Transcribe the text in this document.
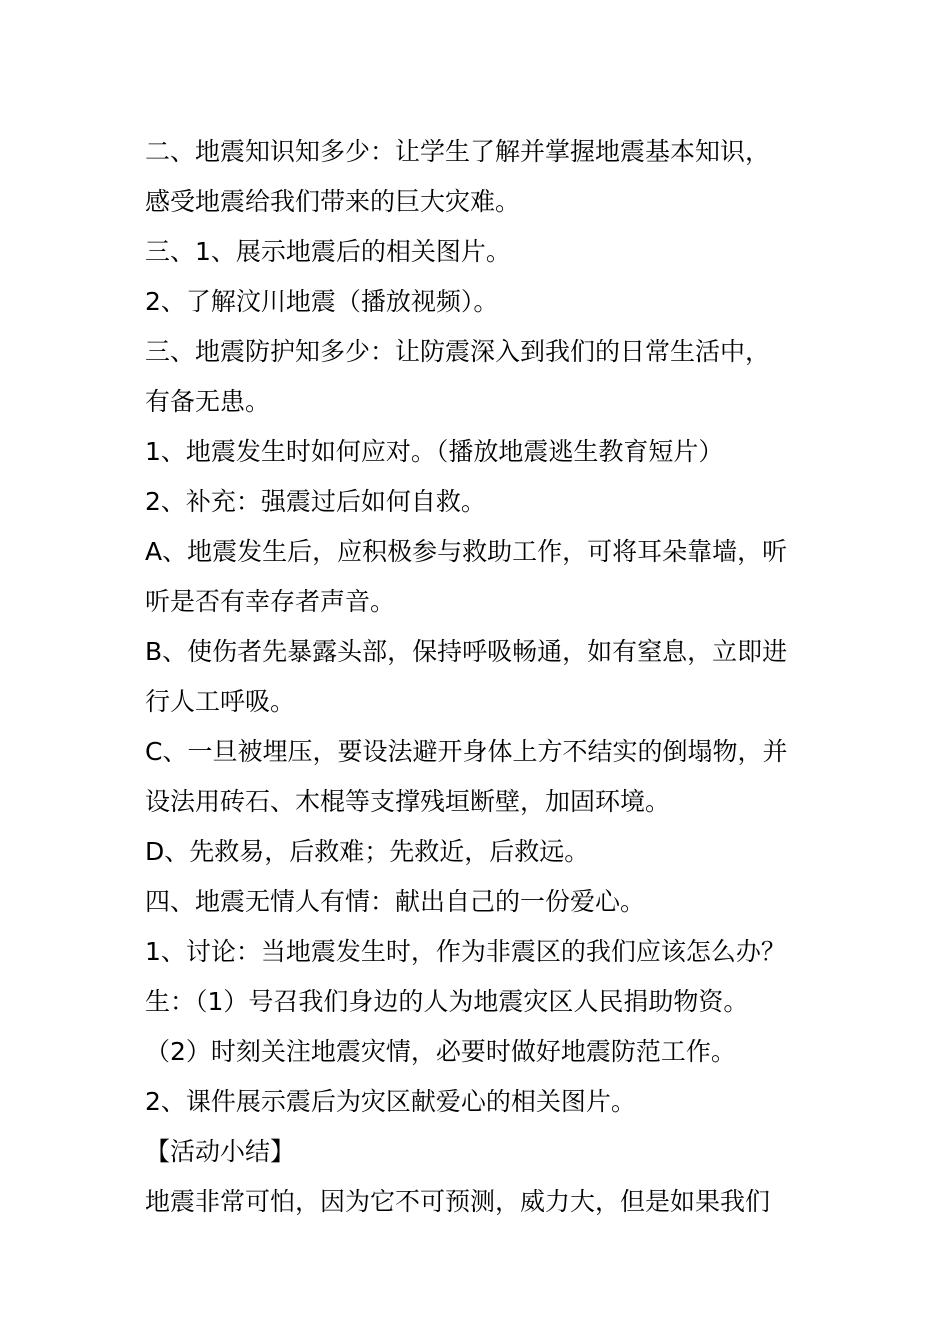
二、地震知识知多少：让学生了解并掌握地震基本知识，
感受地震给我们带来的巨大灾难。
三、1、展示地震后的相关图片。
2、了解汶川地震（播放视频）。
三、地震防护知多少：让防震深入到我们的日常生活中，
有备无患。
1、地震发生时如何应对。（播放地震逃生教育短片）
2、补充：强震过后如何自救。
A、地震发生后，应积极参与救助工作，可将耳朵靠墙，听
听是否有幸存者声音。
B、使伤者先暴露头部，保持呼吸畅通，如有窒息，立即进
行人工呼吸。
C、一旦被埋压，要设法避开身体上方不结实的倒塌物，并
设法用砖石、木棍等支撑残垣断壁，加固环境。
D、先救易，后救难；先救近，后救远。
四、地震无情人有情：献出自己的一份爱心。
1、讨论：当地震发生时，作为非震区的我们应该怎么办？
生：（1）号召我们身边的人为地震灾区人民捐助物资。
（2）时刻关注地震灾情，必要时做好地震防范工作。
2、课件展示震后为灾区献爱心的相关图片。
【活动小结】
地震非常可怕，因为它不可预测，威力大，但是如果我们
